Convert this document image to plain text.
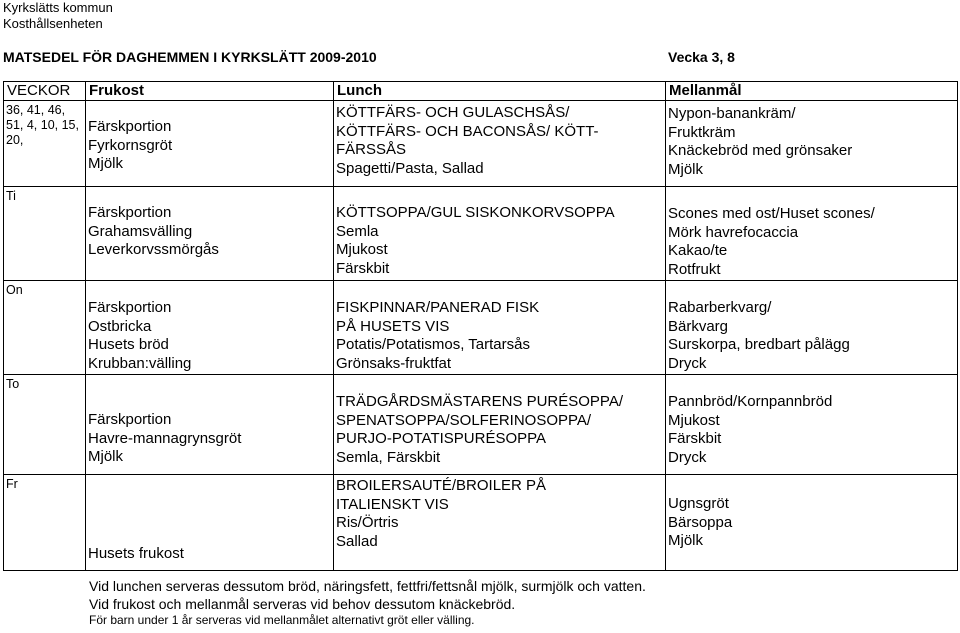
Kyrkslätts kommun
Kosthållsenheten
MATSEDEL FÖR DAGHEMMEN I KYRKSLÄTT 2009-2010	Vecka 3, 8
VECKOR	Frukost	Lunch	Mellanmål
36, 41, 46, 51, 4, 10, 15, 20,	Färskportion
Fyrkornsgröt
Mjölk	KÖTTFÄRS- OCH GULASCHSÅS/
KÖTTFÄRS- OCH BACONSÅS/ KÖTT-
FÄRSSÅS
Spagetti/Pasta, Sallad	Nypon-banankräm/
Fruktkräm
Knäckebröd med grönsaker
Mjölk

Ti	Färskportion
Grahamsvälling
Leverkorvssmörgås	KÖTTSOPPA/GUL SISKONKORVSOPPA
Semla
Mjukost
Färskbit	Scones med ost/Huset scones/
Mörk havrefocaccia
Kakao/te
Rotfrukt

On	Färskportion
Ostbricka
Husets bröd
Krubban:välling	FISKPINNAR/PANERAD FISK
PÅ HUSETS VIS
Potatis/Potatismos, Tartarsås
Grönsaks-fruktfat	Rabarberkvarg/
Bärkvarg
Surskorpa, bredbart pålägg
Dryck

To	Färskportion
Havre-mannagrynsgröt
Mjölk	TRÄDGÅRDSMÄSTARENS PURÉSOPPA/
SPENATSOPPA/SOLFERINOSOPPA/
PURJO-POTATISPURÉSOPPA
Semla, Färskbit	Pannbröd/Kornpannbröd
Mjukost
Färskbit
Dryck

Fr	Husets frukost	BROILERSAUTÉ/BROILER PÅ
ITALIENSKT VIS
Ris/Örtris
Sallad	Ugnsgröt
Bärsoppa
Mjölk
Vid lunchen serveras dessutom bröd, näringsfett, fettfri/fettsnål mjölk, surmjölk och vatten.
Vid frukost och mellanmål serveras vid behov dessutom knäckebröd.
För barn under 1 år serveras vid mellanmålet alternativt gröt eller välling.
